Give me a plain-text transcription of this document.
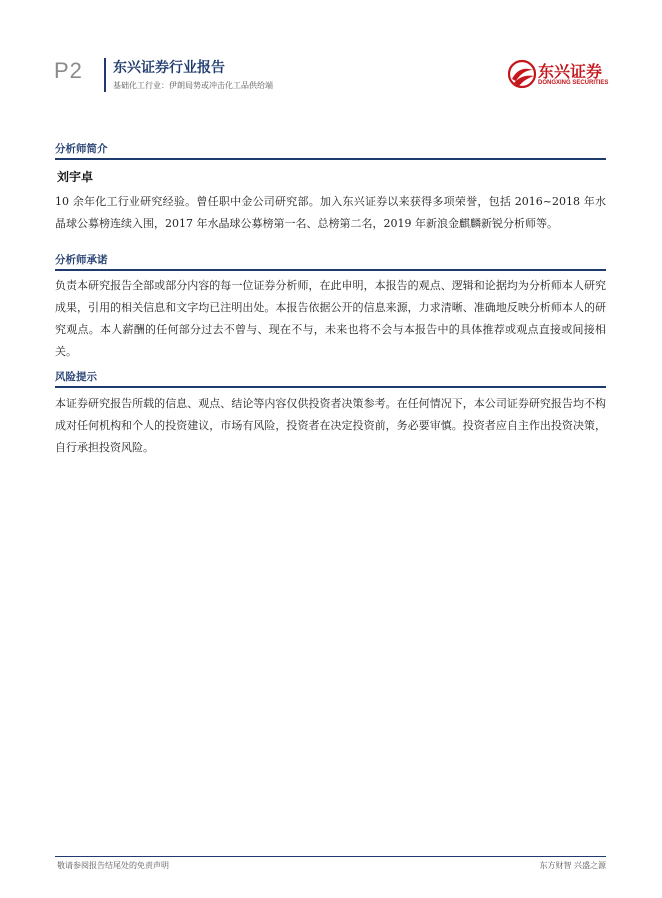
P2 东兴证券行业报告
基础化工行业：伊朗局势或冲击化工品供给端
东兴证券
DONGXING SECURITIES
分析师简介
刘宇卓

10 余年化工行业研究经验。曾任职中金公司研究部。加入东兴证券以来获得多项荣誉，包括 2016~2018 年水晶球公募榜连续入围，2017 年水晶球公募榜第一名、总榜第二名，2019 年新浪金麒麟新锐分析师等。

分析师承诺

负责本研究报告全部或部分内容的每一位证券分析师，在此申明，本报告的观点、逻辑和论据均为分析师本人研究成果，引用的相关信息和文字均已注明出处。本报告依据公开的信息来源，力求清晰、准确地反映分析师本人的研究观点。本人薪酬的任何部分过去不曾与、现在不与，未来也将不会与本报告中的具体推荐或观点直接或间接相关。

风险提示

本证券研究报告所载的信息、观点、结论等内容仅供投资者决策参考。在任何情况下，本公司证券研究报告均不构成对任何机构和个人的投资建议，市场有风险，投资者在决定投资前，务必要审慎。投资者应自主作出投资决策，自行承担投资风险。

敬请参阅报告结尾处的免责声明	东方财智 兴盛之源
